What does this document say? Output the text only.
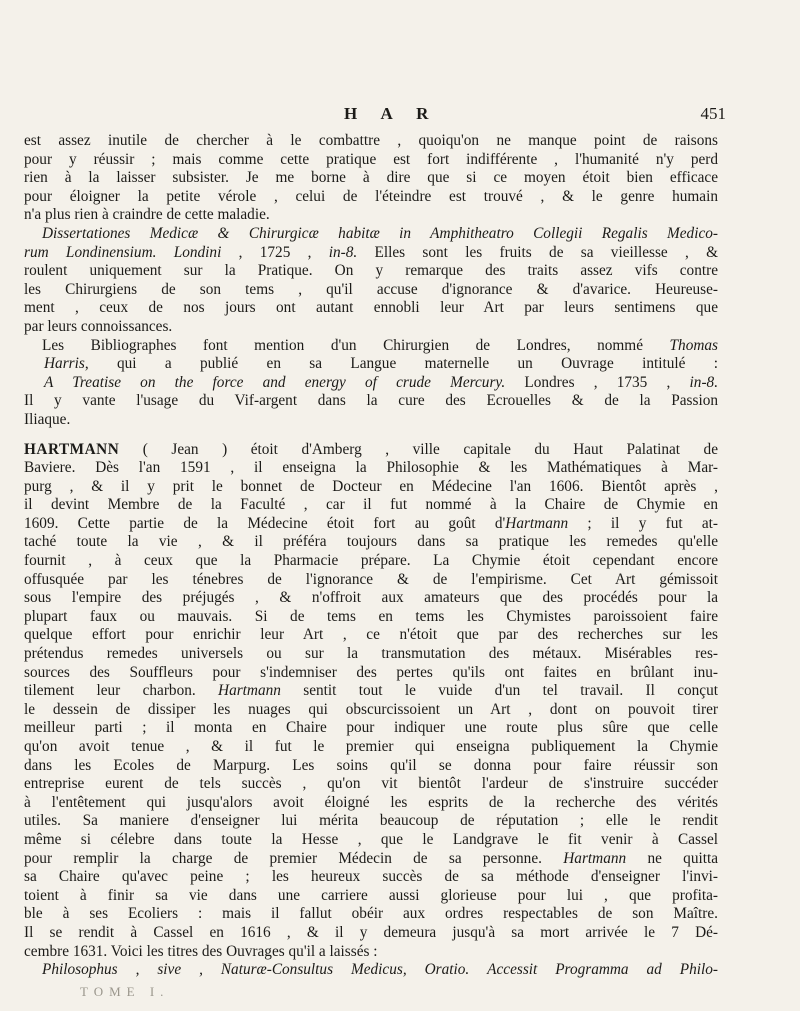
H A R	451
est assez inutile de chercher à le combattre , quoiqu'on ne manque point de raisons
pour y réussir ; mais comme cette pratique est fort indifférente , l'humanité n'y perd
rien à la laisser subsister. Je me borne à dire que si ce moyen étoit bien efficace
pour éloigner la petite vérole , celui de l'éteindre est trouvé , & le genre humain
n'a plus rien à craindre de cette maladie.
Dissertationes Medicæ & Chirurgicæ habitæ in Amphitheatro Collegii Regalis Medico-
rum Londinensium. Londini , 1725 , in-8. Elles sont les fruits de sa vieillesse , &
roulent uniquement sur la Pratique. On y remarque des traits assez vifs contre
les Chirurgiens de son tems , qu'il accuse d'ignorance & d'avarice. Heureuse-
ment , ceux de nos jours ont autant ennobli leur Art par leurs sentimens que
par leurs connoissances.
Les Bibliographes font mention d'un Chirurgien de Londres, nommé Thomas
Harris, qui a publié en sa Langue maternelle un Ouvrage intitulé :
A Treatise on the force and energy of crude Mercury. Londres , 1735 , in-8.
Il y vante l'usage du Vif-argent dans la cure des Ecrouelles & de la Passion
Iliaque.
HARTMANN ( Jean ) étoit d'Amberg , ville capitale du Haut Palatinat de
Baviere. Dès l'an 1591 , il enseigna la Philosophie & les Mathématiques à Mar-
purg , & il y prit le bonnet de Docteur en Médecine l'an 1606. Bientôt après ,
il devint Membre de la Faculté , car il fut nommé à la Chaire de Chymie en
1609. Cette partie de la Médecine étoit fort au goût d'Hartmann ; il y fut at-
taché toute la vie , & il préféra toujours dans sa pratique les remedes qu'elle
fournit , à ceux que la Pharmacie prépare. La Chymie étoit cependant encore
offusquée par les ténebres de l'ignorance & de l'empirisme. Cet Art gémissoit
sous l'empire des préjugés , & n'offroit aux amateurs que des procédés pour la
plupart faux ou mauvais. Si de tems en tems les Chymistes paroissoient faire
quelque effort pour enrichir leur Art , ce n'étoit que par des recherches sur les
prétendus remedes universels ou sur la transmutation des métaux. Misérables res-
sources des Souffleurs pour s'indemniser des pertes qu'ils ont faites en brûlant inu-
tilement leur charbon. Hartmann sentit tout le vuide d'un tel travail. Il conçut
le dessein de dissiper les nuages qui obscurcissoient un Art , dont on pouvoit tirer
meilleur parti ; il monta en Chaire pour indiquer une route plus sûre que celle
qu'on avoit tenue , & il fut le premier qui enseigna publiquement la Chymie
dans les Ecoles de Marpurg. Les soins qu'il se donna pour faire réussir son
entreprise eurent de tels succès , qu'on vit bientôt l'ardeur de s'instruire succéder
à l'entêtement qui jusqu'alors avoit éloigné les esprits de la recherche des vérités
utiles. Sa maniere d'enseigner lui mérita beaucoup de réputation ; elle le rendit
même si célebre dans toute la Hesse , que le Landgrave le fit venir à Cassel
pour remplir la charge de premier Médecin de sa personne. Hartmann ne quitta
sa Chaire qu'avec peine ; les heureux succès de sa méthode d'enseigner l'invi-
toient à finir sa vie dans une carriere aussi glorieuse pour lui , que profita-
ble à ses Ecoliers : mais il fallut obéir aux ordres respectables de son Maître.
Il se rendit à Cassel en 1616 , & il y demeura jusqu'à sa mort arrivée le 7 Dé-
cembre 1631. Voici les titres des Ouvrages qu'il a laissés :
Philosophus , sive , Naturæ-Consultus Medicus, Oratio. Accessit Programma ad Philo-
TOME I.
